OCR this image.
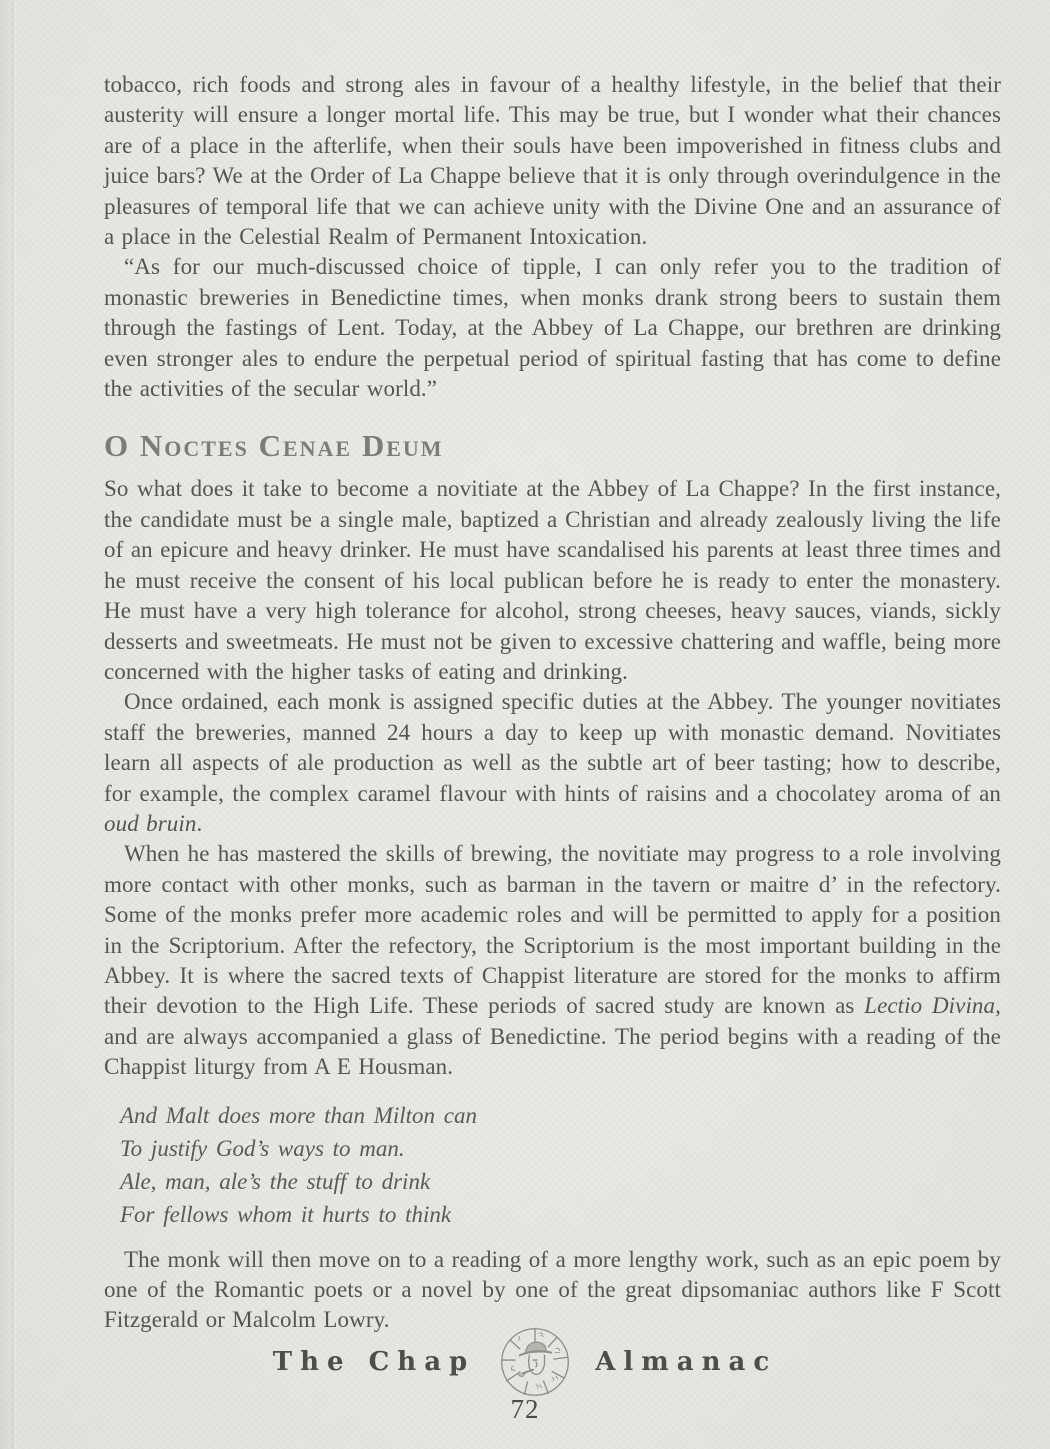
tobacco, rich foods and strong ales in favour of a healthy lifestyle, in the belief that their austerity will ensure a longer mortal life. This may be true, but I wonder what their chances are of a place in the afterlife, when their souls have been impoverished in fitness clubs and juice bars? We at the Order of La Chappe believe that it is only through overindulgence in the pleasures of temporal life that we can achieve unity with the Divine One and an assurance of a place in the Celestial Realm of Permanent Intoxication.

“As for our much-discussed choice of tipple, I can only refer you to the tradition of monastic breweries in Benedictine times, when monks drank strong beers to sustain them through the fastings of Lent. Today, at the Abbey of La Chappe, our brethren are drinking even stronger ales to endure the perpetual period of spiritual fasting that has come to define the activities of the secular world.”

O Noctes Cenae Deum

So what does it take to become a novitiate at the Abbey of La Chappe? In the first instance, the candidate must be a single male, baptized a Christian and already zealously living the life of an epicure and heavy drinker. He must have scandalised his parents at least three times and he must receive the consent of his local publican before he is ready to enter the monastery. He must have a very high tolerance for alcohol, strong cheeses, heavy sauces, viands, sickly desserts and sweetmeats. He must not be given to excessive chattering and waffle, being more concerned with the higher tasks of eating and drinking.

Once ordained, each monk is assigned specific duties at the Abbey. The younger novitiates staff the breweries, manned 24 hours a day to keep up with monastic demand. Novitiates learn all aspects of ale production as well as the subtle art of beer tasting; how to describe, for example, the complex caramel flavour with hints of raisins and a chocolatey aroma of an oud bruin.

When he has mastered the skills of brewing, the novitiate may progress to a role involving more contact with other monks, such as barman in the tavern or maitre d’ in the refectory. Some of the monks prefer more academic roles and will be permitted to apply for a position in the Scriptorium. After the refectory, the Scriptorium is the most important building in the Abbey. It is where the sacred texts of Chappist literature are stored for the monks to affirm their devotion to the High Life. These periods of sacred study are known as Lectio Divina, and are always accompanied a glass of Benedictine. The period begins with a reading of the Chappist liturgy from A E Housman.

And Malt does more than Milton can
To justify God’s ways to man.
Ale, man, ale’s the stuff to drink
For fellows whom it hurts to think

The monk will then move on to a reading of a more lengthy work, such as an epic poem by one of the Romantic poets or a novel by one of the great dipsomaniac authors like F Scott Fitzgerald or Malcolm Lowry.

The Chap	Almanac
72
